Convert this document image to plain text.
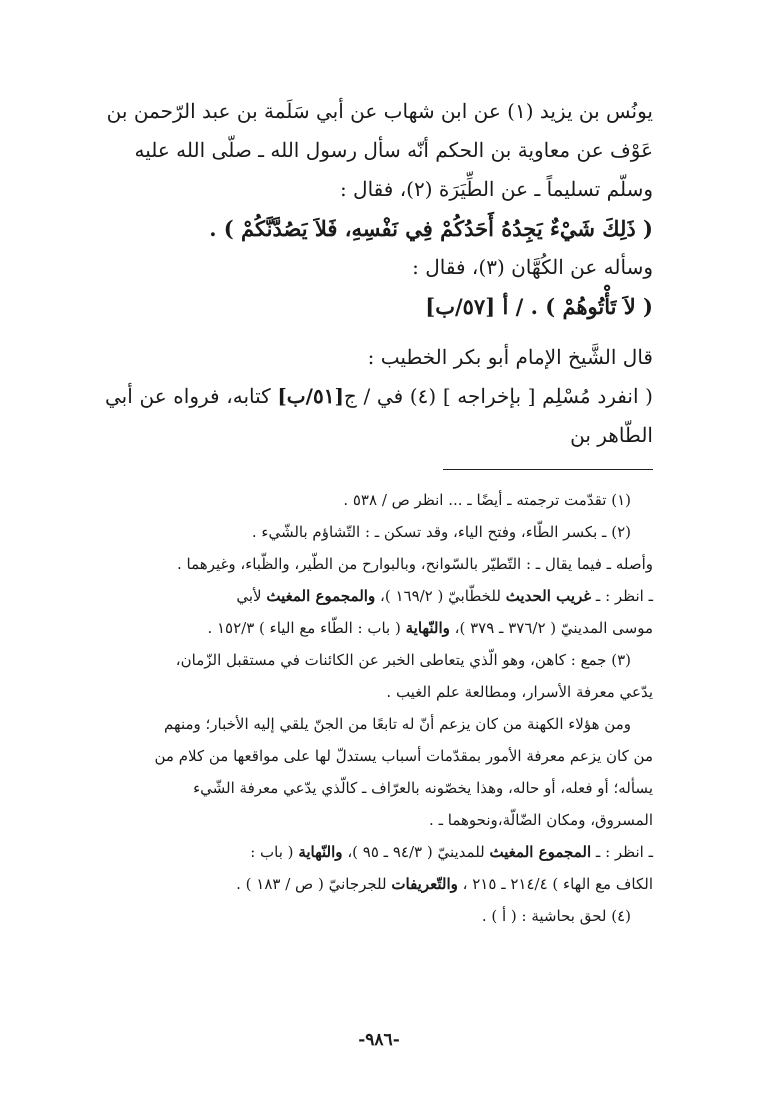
يونُس بن يزيد (١) عن ابن شهاب عن أبي سَلَمة بن عبد الرّحمن بن

عَوْف عن معاوية بن الحكم أنّه سأل رسول الله ـ صلّى الله عليه

وسلّم تسليماً ـ عن الطِّيَرَة (٢)، فقال :

( ذَلِكَ شَيْءٌ يَجِدُهُ أَحَدُكُمْ فِي نَفْسِهِ، فَلاَ يَصُدَّنَّكُمْ ) .

وسأله عن الكُهَّان (٣)، فقال :

( لاَ تَأْتُوهُمْ ) . / أ [٥٧/ب]

قال الشَّيخ الإمام أبو بكر الخطيب :

( انفرد مُسْلِم [ بإخراجه ] (٤) في / ج[٥١/ب] كتابه، فرواه عن أبي الطّاهر بن

(١) تقدّمت ترجمته ـ أيضًا ـ ... انظر ص / ٥٣٨ .

(٢) ـ بكسر الطّاء، وفتح الياء، وقد تسكن ـ : التّشاؤم بالشّيء .

وأصله ـ فيما يقال ـ : التّطيّر بالسّوانح، وبالبوارح من الطّير، والظّباء، وغيرهما .

ـ انظر : ـ غريب الحديث للخطّابيّ ( ١٦٩/٢ )، والمجموع المغيث لأبي

موسى المدينيّ ( ٣٧٦/٢ ـ ٣٧٩ )، والنّهاية ( باب : الطّاء مع الياء ) ١٥٢/٣ .

(٣) جمع : كاهن، وهو الّذي يتعاطى الخبر عن الكائنات في مستقبل الزّمان،

يدّعي معرفة الأسرار، ومطالعة علم الغيب .

ومن هؤلاء الكهنة من كان يزعم أنّ له تابعًا من الجنّ يلقي إليه الأخبار؛ ومنهم

من كان يزعم معرفة الأمور بمقدّمات أسباب يستدلّ لها على مواقعها من كلام من

يسأله؛ أو فعله، أو حاله، وهذا يخصّونه بالعرّاف ـ كالّذي يدّعي معرفة الشّيء

المسروق، ومكان الضّالّة،ونحوهما ـ .

ـ انظر : ـ المجموع المغيث للمدينيّ ( ٩٤/٣ ـ ٩٥ )، والنّهاية ( باب :

الكاف مع الهاء ) ٢١٤/٤ ـ ٢١٥ ، والتّعريفات للجرجانيّ ( ص / ١٨٣ ) .

(٤) لحق بحاشية : ( أ ) .

-٩٨٦-
